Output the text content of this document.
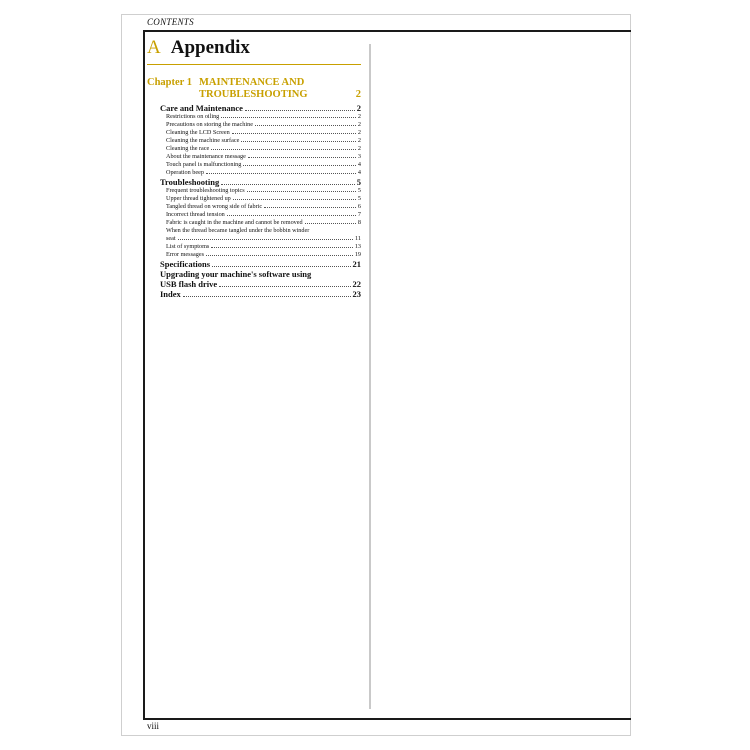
CONTENTS
A Appendix
Chapter 1 MAINTENANCE AND
TROUBLESHOOTING	2
Care and Maintenance	2
Restrictions on oiling	2
Precautions on storing the machine	2
Cleaning the LCD Screen	2
Cleaning the machine surface	2
Cleaning the race	2
About the maintenance message	3
Touch panel is malfunctioning	4
Operation beep	4
Troubleshooting	5
Frequent troubleshooting topics	5
Upper thread tightened up	5
Tangled thread on wrong side of fabric	6
Incorrect thread tension	7
Fabric is caught in the machine and cannot be removed	8
When the thread became tangled under the bobbin winder
seat	11
List of symptoms	13
Error messages	19
Specifications	21
Upgrading your machine's software using
USB flash drive	22
Index	23
viii
